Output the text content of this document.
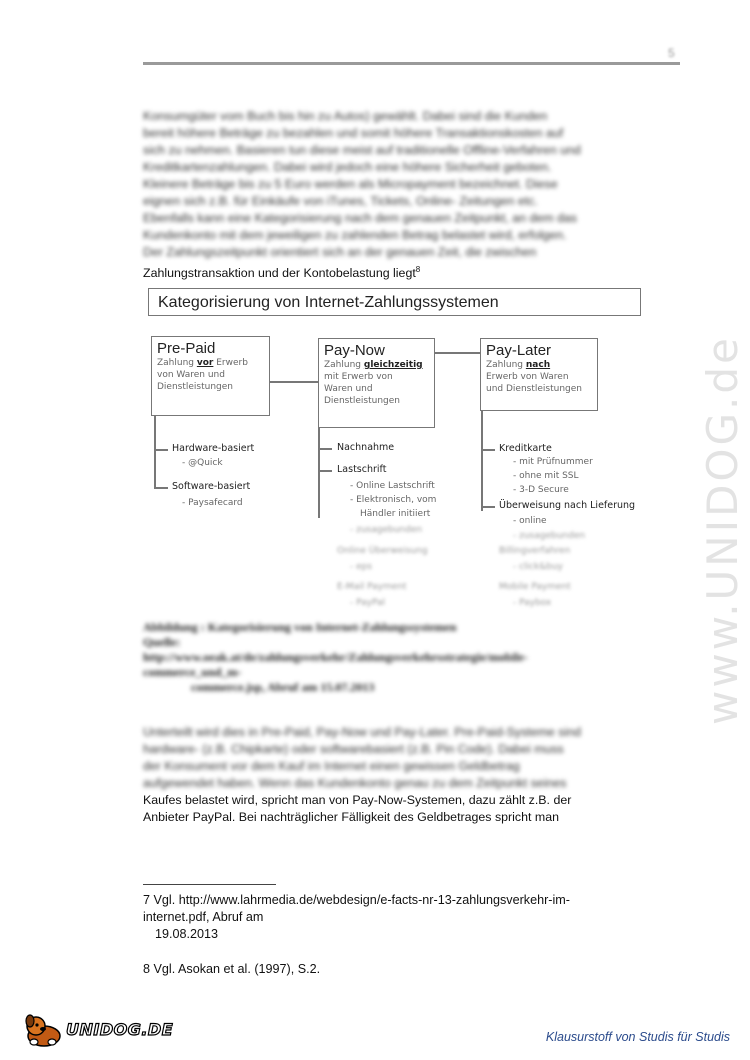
5
Konsumgüter vom Buch bis hin zu Autos) gewählt. Dabei sind die Kunden
bereit höhere Beträge zu bezahlen und somit höhere Transaktionskosten auf
sich zu nehmen. Basieren tun diese meist auf traditionelle Offline-Verfahren und
Kreditkartenzahlungen. Dabei wird jedoch eine höhere Sicherheit geboten.
Kleinere Beträge bis zu 5 Euro werden als Micropayment bezeichnet. Diese
eignen sich z.B. für Einkäufe von iTunes, Tickets, Online- Zeitungen etc.
Ebenfalls kann eine Kategorisierung nach dem genauen Zeitpunkt, an dem das
Kundenkonto mit dem jeweiligen zu zahlenden Betrag belastet wird, erfolgen.
Der Zahlungszeitpunkt orientiert sich an der genauen Zeit, die zwischen
Zahlungstransaktion und der Kontobelastung liegt$^8$
Kategorisierung von Internet-Zahlungssystemen
Pre-Paid
Zahlung vor Erwerb
von Waren und
Dienstleistungen
Hardware-basiert
- @Quick
Software-basiert
- Paysafecard
Pay-Now
Zahlung gleichzeitig
mit Erwerb von
Waren und
Dienstleistungen
Nachnahme
Lastschrift
- Online Lastschrift
- Elektronisch, vom
Händler initiiert
- zusagebunden
Online Überweisung
- eps
E-Mail Payment
- PayPal
Pay-Later
Zahlung nach
Erwerb von Waren
und Dienstleistungen
Kreditkarte
- mit Prüfnummer
- ohne mit SSL
- 3-D Secure
Überweisung nach Lieferung
- online
- zusagebunden
Billingverfahren
- click&buy
Mobile Payment
- Paybox
Abbildung : Kategorisierung von Internet-Zahlungssystemen
Quelle:
http://www.oeak.at/de/zahlungsverkehr/Zahlungsverkehrsstrategie/mobile-
commerce_und_m-
commerce.jsp, Abruf am 15.07.2013
Unterteilt wird dies in Pre-Paid, Pay-Now und Pay-Later. Pre-Paid-Systeme sind
hardware- (z.B. Chipkarte) oder softwarebasiert (z.B. Pin Code). Dabei muss
der Konsument vor dem Kauf im Internet einen gewissen Geldbetrag
aufgewendet haben. Wenn das Kundenkonto genau zu dem Zeitpunkt seines
Kaufes belastet wird, spricht man von Pay-Now-Systemen, dazu zählt z.B. der
Anbieter PayPal. Bei nachträglicher Fälligkeit des Geldbetrages spricht man
7 Vgl. http://www.lahrmedia.de/webdesign/e-facts-nr-13-zahlungsverkehr-im-
internet.pdf, Abruf am
19.08.2013
8 Vgl. Asokan et al. (1997), S.2.
www.UNIDOG.de
UNIDOG.DE	Klausurstoff von Studis für Studis
